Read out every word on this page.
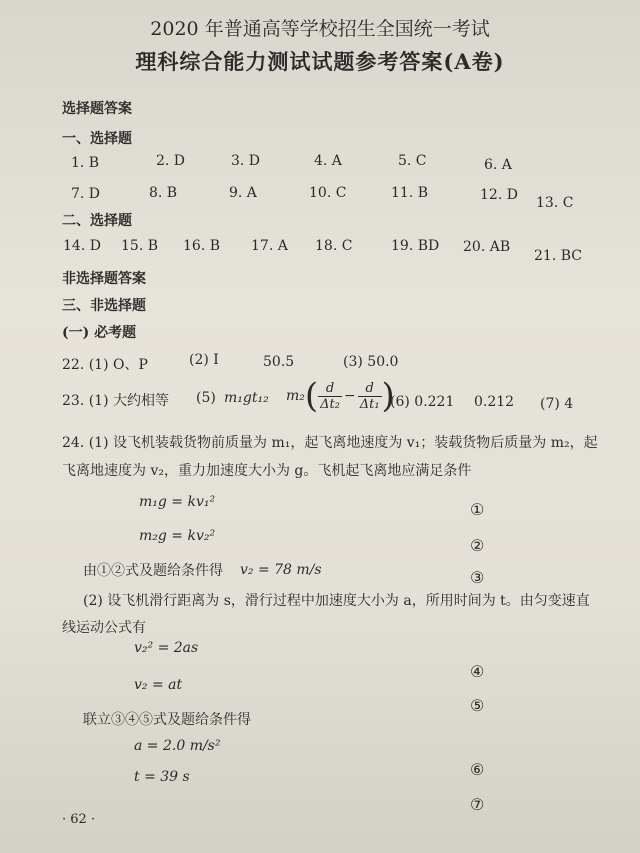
2020 年普通高等学校招生全国统一考试
理科综合能力测试试题参考答案(A卷)
选择题答案
一、选择题
1. B	2. D	3. D	4. A	5. C	6. A
7. D	8. B	9. A	10. C	11. B	12. D 13. C
二、选择题
14. D 15. B 16. B 17. A 18. C	19. BD 20. AB
21. BC
非选择题答案
三、非选择题
(一) 必考题
22. (1) O、P	(2) I	50.5	(3) 50.0
23. (1) 大约相等 (5) m₁gt₁₂ $m_2( \frac{d}{\text{Δt₂}} - \frac{d}{\text{Δt₁}}$ )
(6) 0.221 0.212 (7) 4
24. (1) 设飞机装载货物前质量为 m₁，起飞离地速度为 v₁；装载货物后质量为 m₂，起
飞离地速度为 v₂，重力加速度大小为 g。飞机起飞离地应满足条件
m₁g = kv₁²	①
m₂g = kv₂²	②
由①②式及题给条件得 v₂ = 78 m/s	③
(2) 设飞机滑行距离为 s，滑行过程中加速度大小为 a，所用时间为 t。由匀变速直
线运动公式有
v₂² = 2as
④
v₂ = at
⑤
联立③④⑤式及题给条件得
a = 2.0 m/s²
⑥
t = 39 s
⑦
· 62 ·
